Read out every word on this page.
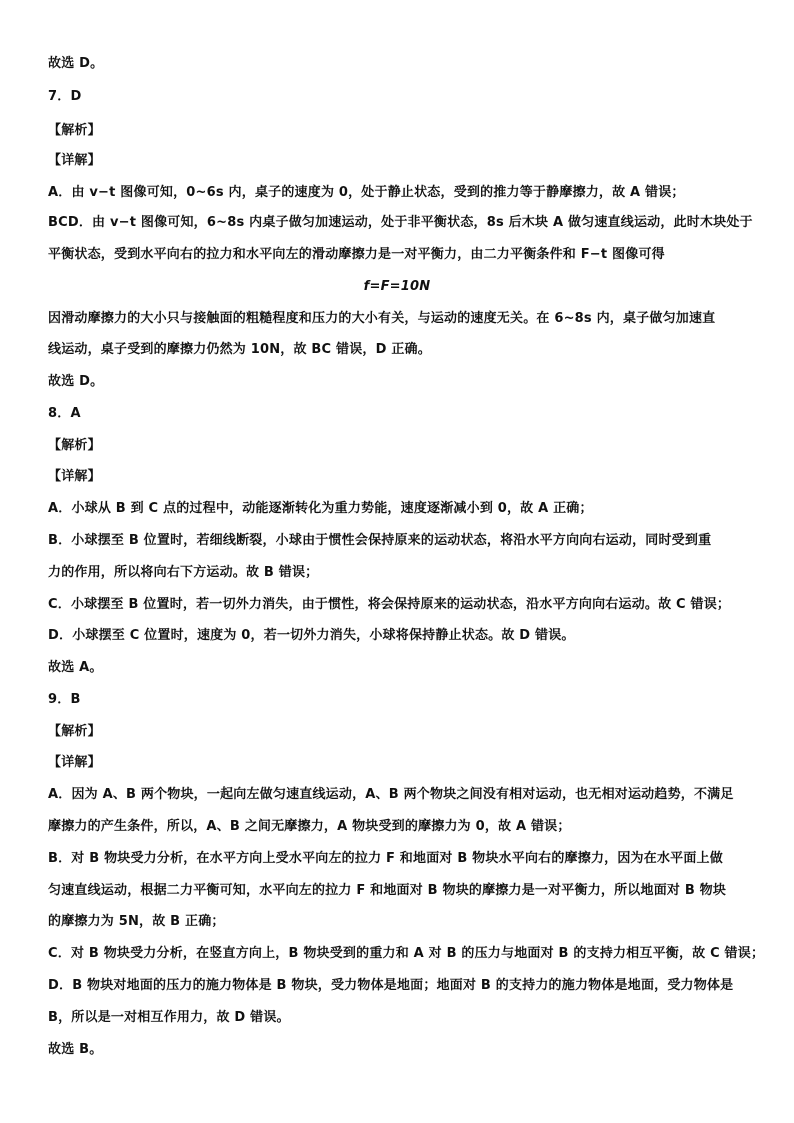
故选 D。
7．D
【解析】
【详解】
A．由 v−t 图像可知，0~6s 内，桌子的速度为 0，处于静止状态，受到的推力等于静摩擦力，故 A 错误；
BCD．由 v−t 图像可知，6~8s 内桌子做匀加速运动，处于非平衡状态，8s 后木块 A 做匀速直线运动，此时木块处于
平衡状态，受到水平向右的拉力和水平向左的滑动摩擦力是一对平衡力，由二力平衡条件和 F−t 图像可得
f=F=10N
因滑动摩擦力的大小只与接触面的粗糙程度和压力的大小有关，与运动的速度无关。在 6~8s 内，桌子做匀加速直
线运动，桌子受到的摩擦力仍然为 10N，故 BC 错误，D 正确。
故选 D。
8．A
【解析】
【详解】
A．小球从 B 到 C 点的过程中，动能逐渐转化为重力势能，速度逐渐减小到 0，故 A 正确；
B．小球摆至 B 位置时，若细线断裂，小球由于惯性会保持原来的运动状态，将沿水平方向向右运动，同时受到重
力的作用，所以将向右下方运动。故 B 错误；
C．小球摆至 B 位置时，若一切外力消失，由于惯性，将会保持原来的运动状态，沿水平方向向右运动。故 C 错误；
D．小球摆至 C 位置时，速度为 0，若一切外力消失，小球将保持静止状态。故 D 错误。
故选 A。
9．B
【解析】
【详解】
A．因为 A、B 两个物块，一起向左做匀速直线运动，A、B 两个物块之间没有相对运动，也无相对运动趋势，不满足
摩擦力的产生条件，所以，A、B 之间无摩擦力，A 物块受到的摩擦力为 0，故 A 错误；
B．对 B 物块受力分析，在水平方向上受水平向左的拉力 F 和地面对 B 物块水平向右的摩擦力，因为在水平面上做
匀速直线运动，根据二力平衡可知，水平向左的拉力 F 和地面对 B 物块的摩擦力是一对平衡力，所以地面对 B 物块
的摩擦力为 5N，故 B 正确；
C．对 B 物块受力分析，在竖直方向上，B 物块受到的重力和 A 对 B 的压力与地面对 B 的支持力相互平衡，故 C 错误；
D．B 物块对地面的压力的施力物体是 B 物块，受力物体是地面；地面对 B 的支持力的施力物体是地面，受力物体是
B，所以是一对相互作用力，故 D 错误。
故选 B。
